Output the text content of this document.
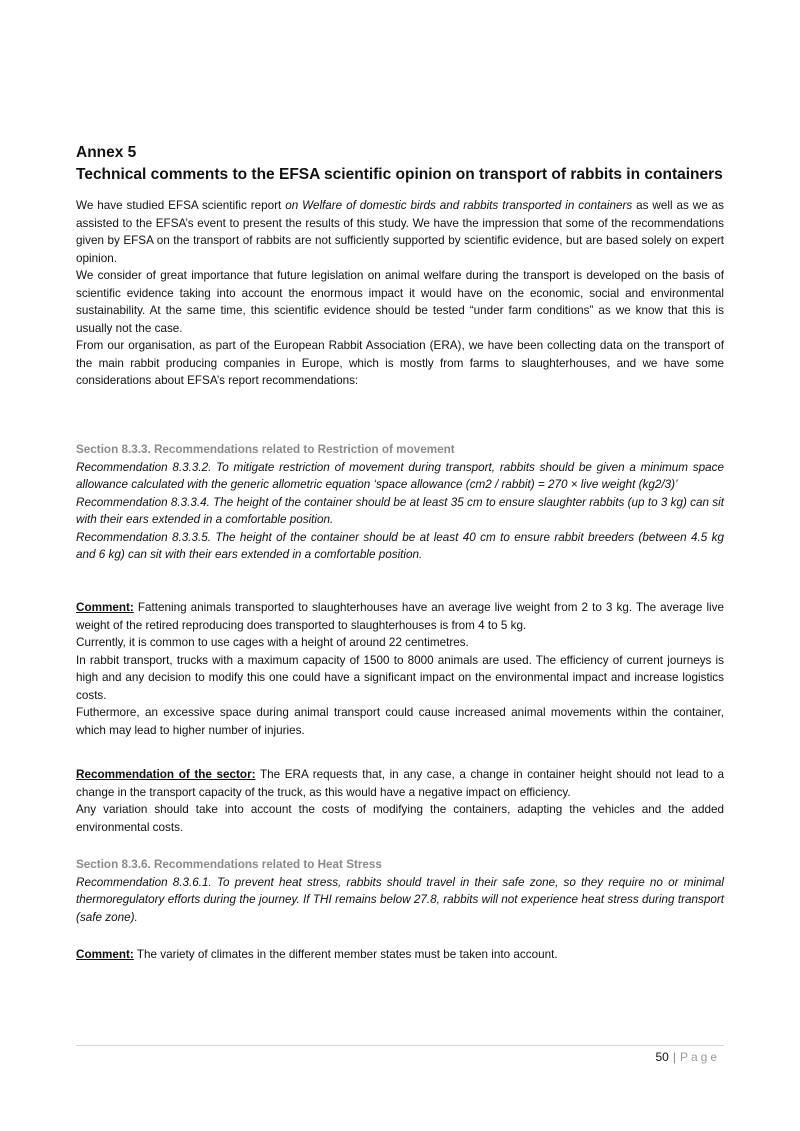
Annex 5
Technical comments to the EFSA scientific opinion on transport of rabbits in containers

We have studied EFSA scientific report on Welfare of domestic birds and rabbits transported in containers as well as we as assisted to the EFSA’s event to present the results of this study. We have the impression that some of the recommendations given by EFSA on the transport of rabbits are not sufficiently supported by scientific evidence, but are based solely on expert opinion.

We consider of great importance that future legislation on animal welfare during the transport is developed on the basis of scientific evidence taking into account the enormous impact it would have on the economic, social and environmental sustainability. At the same time, this scientific evidence should be tested “under farm conditions” as we know that this is usually not the case.

From our organisation, as part of the European Rabbit Association (ERA), we have been collecting data on the transport of the main rabbit producing companies in Europe, which is mostly from farms to slaughterhouses, and we have some considerations about EFSA’s report recommendations:

Section 8.3.3. Recommendations related to Restriction of movement

Recommendation 8.3.3.2. To mitigate restriction of movement during transport, rabbits should be given a minimum space allowance calculated with the generic allometric equation ‘space allowance (cm2 / rabbit) = 270 × live weight (kg2/3)’

Recommendation 8.3.3.4. The height of the container should be at least 35 cm to ensure slaughter rabbits (up to 3 kg) can sit with their ears extended in a comfortable position.

Recommendation 8.3.3.5. The height of the container should be at least 40 cm to ensure rabbit breeders (between 4.5 kg and 6 kg) can sit with their ears extended in a comfortable position.

Comment: Fattening animals transported to slaughterhouses have an average live weight from 2 to 3 kg. The average live weight of the retired reproducing does transported to slaughterhouses is from 4 to 5 kg.

Currently, it is common to use cages with a height of around 22 centimetres.

In rabbit transport, trucks with a maximum capacity of 1500 to 8000 animals are used. The efficiency of current journeys is high and any decision to modify this one could have a significant impact on the environmental impact and increase logistics costs.

Futhermore, an excessive space during animal transport could cause increased animal movements within the container, which may lead to higher number of injuries.

Recommendation of the sector: The ERA requests that, in any case, a change in container height should not lead to a change in the transport capacity of the truck, as this would have a negative impact on efficiency.

Any variation should take into account the costs of modifying the containers, adapting the vehicles and the added environmental costs.

Section 8.3.6. Recommendations related to Heat Stress

Recommendation 8.3.6.1. To prevent heat stress, rabbits should travel in their safe zone, so they require no or minimal thermoregulatory efforts during the journey. If THI remains below 27.8, rabbits will not experience heat stress during transport (safe zone).

Comment: The variety of climates in the different member states must be taken into account.

50 | Page
